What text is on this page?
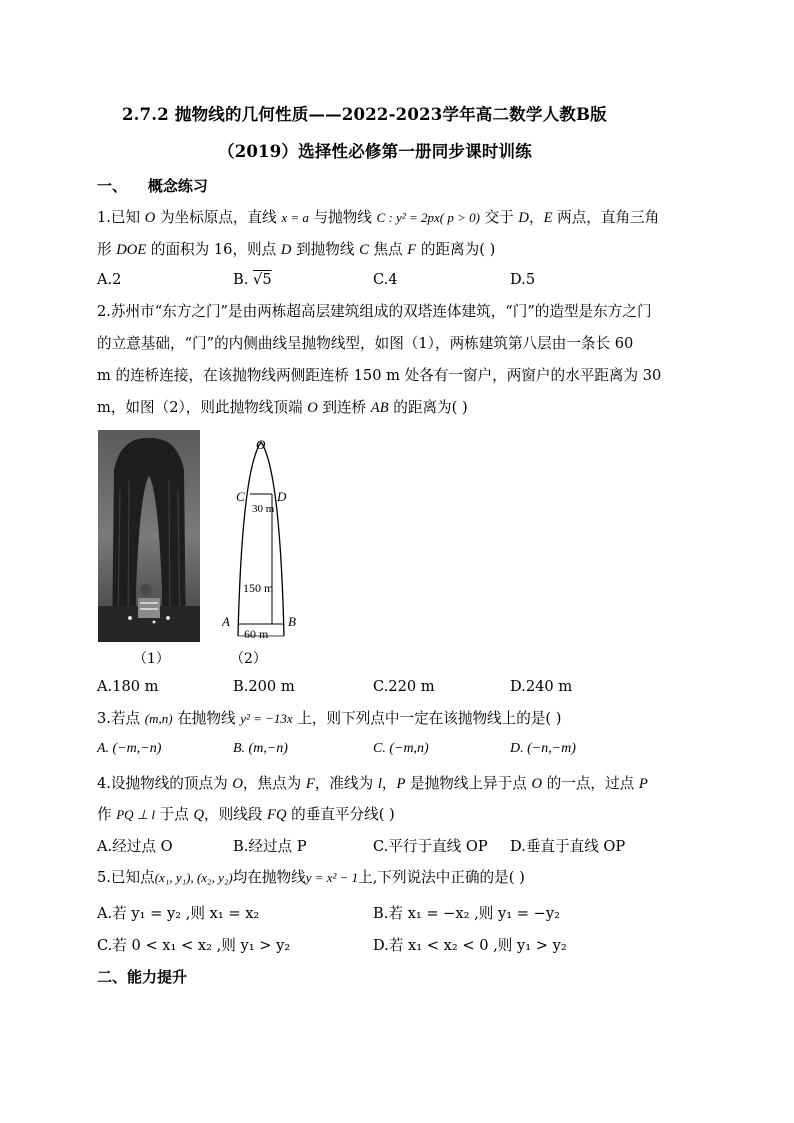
2.7.2 抛物线的几何性质——2022-2023学年高二数学人教B版
（2019）选择性必修第一册同步课时训练
一、    概念练习
1.已知 O 为坐标原点，直线 x = a 与抛物线 C : y² = 2px( p > 0) 交于 D，E 两点，直角三角
形 DOE 的面积为 16，则点 D 到抛物线 C 焦点 F 的距离为( )
A.2	B. √5	C.4	D.5
2.苏州市“东方之门”是由两栋超高层建筑组成的双塔连体建筑，“门”的造型是东方之门
的立意基础，“门”的内侧曲线呈抛物线型，如图（1），两栋建筑第八层由一条长 60
m 的连桥连接，在该抛物线两侧距连桥 150 m 处各有一窗户，两窗户的水平距离为 30
m，如图（2），则此抛物线顶端 O 到连桥 AB 的距离为( )
（1）
O
C D
A	B
30 m
150 m
60 m
（2）
A.180 m	B.200 m	C.220 m	D.240 m
3.若点 (m,n) 在抛物线 y² = −13x 上，则下列点中一定在该抛物线上的是( )
A. (−m,−n)	B. (m,−n)	C. (−m,n)	D. (−n,−m)
4.设抛物线的顶点为 O，焦点为 F，准线为 l，P 是抛物线上异于点 O 的一点，过点 P
作 PQ ⊥ l 于点 Q，则线段 FQ 的垂直平分线( )
A.经过点 O	B.经过点 P	C.平行于直线 OP D.垂直于直线 OP
5.已知点(x₁, y₁), (x₂, y₂)均在抛物线y = x² − 1上,下列说法中正确的是( )
A.若 y₁ = y₂ ,则 x₁ = x₂	B.若 x₁ = −x₂ ,则 y₁ = −y₂
C.若 0 < x₁ < x₂ ,则 y₁ > y₂	D.若 x₁ < x₂ < 0 ,则 y₁ > y₂
二、能力提升
